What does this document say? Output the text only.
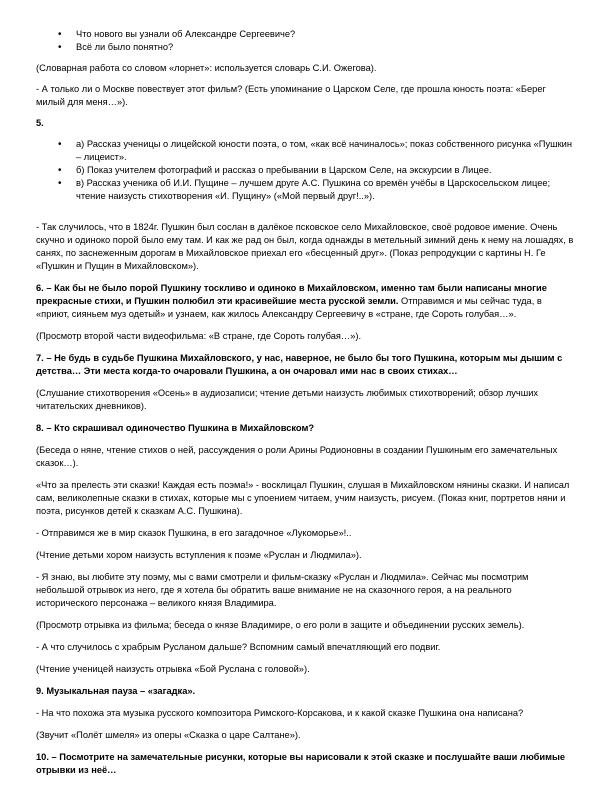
• Что нового вы узнали об Александре Сергеевиче?
• Всё ли было понятно?

(Словарная работа со словом «лорнет»: используется словарь С.И. Ожегова).

- А только ли о Москве повествует этот фильм? (Есть упоминание о Царском Селе, где прошла юность поэта: «Берег милый для меня…»).

5.

• а) Рассказ ученицы о лицейской юности поэта, о том, «как всё начиналось»; показ собственного рисунка «Пушкин – лицеист».
• б) Показ учителем фотографий и рассказ о пребывании в Царском Селе, на экскурсии в Лицее.
• в) Рассказ ученика об И.И. Пущине – лучшем друге А.С. Пушкина со времён учёбы в Царскосельском лицее; чтение наизусть стихотворения «И. Пущину» («Мой первый друг!..»).

- Так случилось, что в 1824г. Пушкин был сослан в далёкое псковское село Михайловское, своё родовое имение. Очень скучно и одиноко порой было ему там. И как же рад он был, когда однажды в метельный зимний день к нему на лошадях, в санях, по заснеженным дорогам в Михайловское приехал его «бесценный друг». (Показ репродукции с картины Н. Ге «Пушкин и Пущин в Михайловском»).

6. – Как бы не было порой Пушкину тоскливо и одиноко в Михайловском, именно там были написаны многие прекрасные стихи, и Пушкин полюбил эти красивейшие места русской земли. Отправимся и мы сейчас туда, в «приют, сияньем муз одетый» и узнаем, как жилось Александру Сергеевичу в «стране, где Сороть голубая…».

(Просмотр второй части видеофильма: «В стране, где Сороть голубая…»).

7. – Не будь в судьбе Пушкина Михайловского, у нас, наверное, не было бы того Пушкина, которым мы дышим с детства… Эти места когда-то очаровали Пушкина, а он очаровал ими нас в своих стихах…

(Слушание стихотворения «Осень» в аудиозаписи; чтение детьми наизусть любимых стихотворений; обзор лучших читательских дневников).

8. – Кто скрашивал одиночество Пушкина в Михайловском?

(Беседа о няне, чтение стихов о ней, рассуждения о роли Арины Родионовны в создании Пушкиным его замечательных сказок…).

«Что за прелесть эти сказки! Каждая есть поэма!» - восклицал Пушкин, слушая в Михайловском нянины сказки. И написал сам, великолепные сказки в стихах, которые мы с упоением читаем, учим наизусть, рисуем. (Показ книг, портретов няни и поэта, рисунков детей к сказкам А.С. Пушкина).

- Отправимся же в мир сказок Пушкина, в его загадочное «Лукоморье»!..

(Чтение детьми хором наизусть вступления к поэме «Руслан и Людмила»).

- Я знаю, вы любите эту поэму, мы с вами смотрели и фильм-сказку «Руслан и Людмила». Сейчас мы посмотрим небольшой отрывок из него, где я хотела бы обратить ваше внимание не на сказочного героя, а на реального исторического персонажа – великого князя Владимира.

(Просмотр отрывка из фильма; беседа о князе Владимире, о его роли в защите и объединении русских земель).

- А что случилось с храбрым Русланом дальше? Вспомним самый впечатляющий его подвиг.

(Чтение ученицей наизусть отрывка «Бой Руслана с головой»).

9. Музыкальная пауза – «загадка».

- На что похожа эта музыка русского композитора Римского-Корсакова, и к какой сказке Пушкина она написана?

(Звучит «Полёт шмеля» из оперы «Сказка о царе Салтане»).

10. – Посмотрите на замечательные рисунки, которые вы нарисовали к этой сказке и послушайте ваши любимые отрывки из неё…
